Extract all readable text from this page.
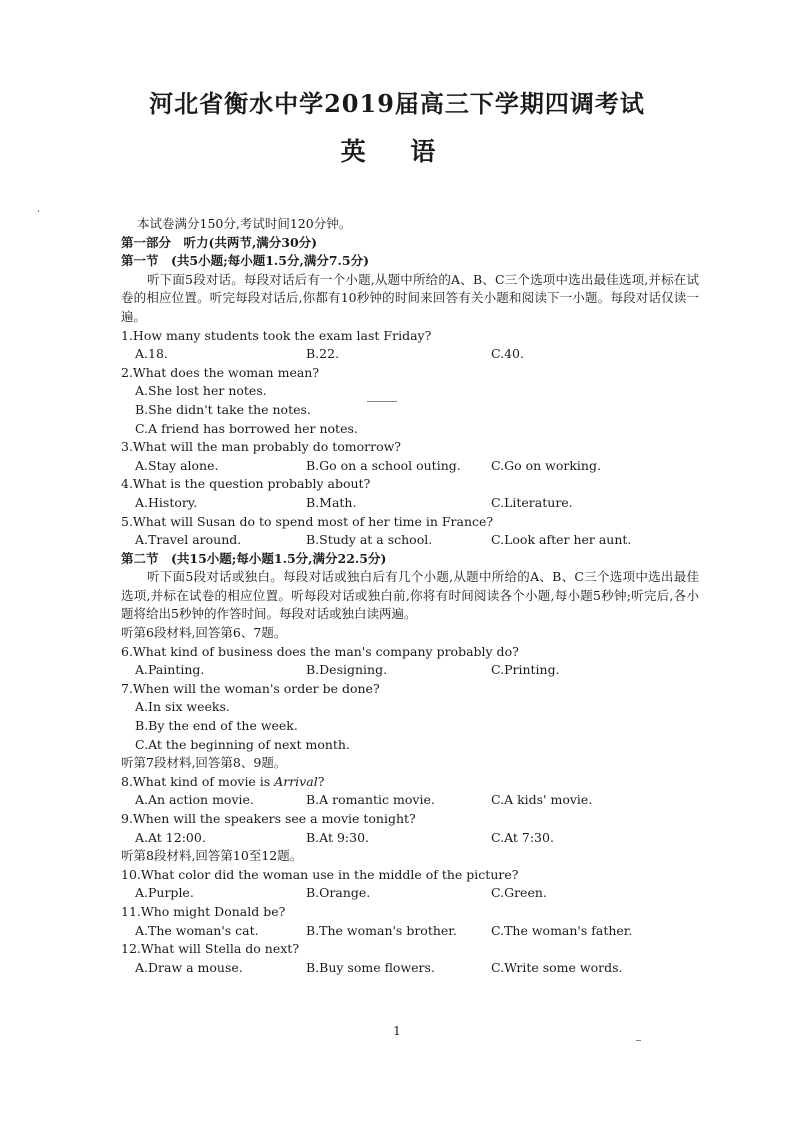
河北省衡水中学2019届高三下学期四调考试
英 语
本试卷满分150分,考试时间120分钟。
第一部分　听力(共两节,满分30分)
第一节　(共5小题;每小题1.5分,满分7.5分)
听下面5段对话。每段对话后有一个小题,从题中所给的A、B、C三个选项中选出最佳选项,并标在试卷的相应位置。听完每段对话后,你都有10秒钟的时间来回答有关小题和阅读下一小题。每段对话仅读一遍。
1.How many students took the exam last Friday?
A.18.	B.22.	C.40.
2.What does the woman mean?
A.She lost her notes.
B.She didn't take the notes.
C.A friend has borrowed her notes.
3.What will the man probably do tomorrow?
A.Stay alone.	B.Go on a school outing. C.Go on working.
4.What is the question probably about?
A.History.	B.Math.	C.Literature.
5.What will Susan do to spend most of her time in France?
A.Travel around.	B.Study at a school.	C.Look after her aunt.
第二节　(共15小题;每小题1.5分,满分22.5分)
听下面5段对话或独白。每段对话或独白后有几个小题,从题中所给的A、B、C三个选项中选出最佳选项,并标在试卷的相应位置。听每段对话或独白前,你将有时间阅读各个小题,每小题5秒钟;听完后,各小题将给出5秒钟的作答时间。每段对话或独白读两遍。
听第6段材料,回答第6、7题。
6.What kind of business does the man's company probably do?
A.Painting.	B.Designing.	C.Printing.
7.When will the woman's order be done?
A.In six weeks.
B.By the end of the week.
C.At the beginning of next month.
听第7段材料,回答第8、9题。
8.What kind of movie is Arrival?
A.An action movie.	B.A romantic movie.	C.A kids' movie.
9.When will the speakers see a movie tonight?
A.At 12:00.	B.At 9:30.	C.At 7:30.
听第8段材料,回答第10至12题。
10.What color did the woman use in the middle of the picture?
A.Purple.	B.Orange.	C.Green.
11.Who might Donald be?
A.The woman's cat.	B.The woman's brother.	C.The woman's father.
12.What will Stella do next?
A.Draw a mouse.	B.Buy some flowers.	C.Write some words.
1
